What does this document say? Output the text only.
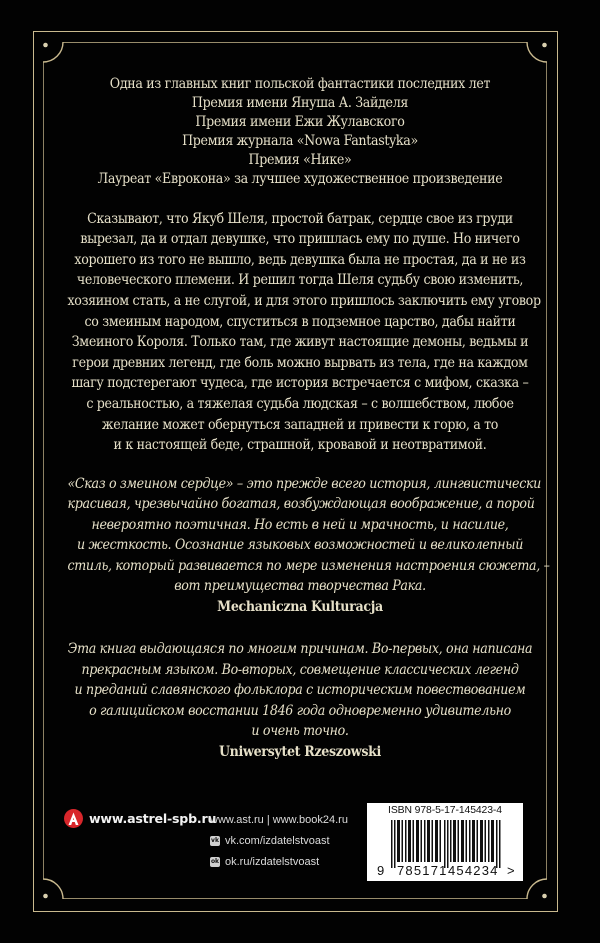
Одна из главных книг польской фантастики последних лет
Премия имени Януша А. Зайделя
Премия имени Ежи Жулавского
Премия журнала «Nowa Fantastyka»
Премия «Нике»
Лауреат «Еврокона» за лучшее художественное произведение
Сказывают, что Якуб Шеля, простой батрак, сердце свое из груди
вырезал, да и отдал девушке, что пришлась ему по душе. Но ничего
хорошего из того не вышло, ведь девушка была не простая, да и не из
человеческого племени. И решил тогда Шеля судьбу свою изменить,
хозяином стать, а не слугой, и для этого пришлось заключить ему уговор
со змеиным народом, спуститься в подземное царство, дабы найти
Змеиного Короля. Только там, где живут настоящие демоны, ведьмы и
герои древних легенд, где боль можно вырвать из тела, где на каждом
шагу подстерегают чудеса, где история встречается с мифом, сказка –
с реальностью, а тяжелая судьба людская – с волшебством, любое
желание может обернуться западней и привести к горю, а то
и к настоящей беде, страшной, кровавой и неотвратимой.
«Сказ о змеином сердце» – это прежде всего история, лингвистически
красивая, чрезвычайно богатая, возбуждающая воображение, а порой
невероятно поэтичная. Но есть в ней и мрачность, и насилие,
и жесткость. Осознание языковых возможностей и великолепный
стиль, который развивается по мере изменения настроения сюжета, –
вот преимущества творчества Рака.
Mechaniczna Kulturacja
Эта книга выдающаяся по многим причинам. Во-первых, она написана
прекрасным языком. Во-вторых, совмещение классических легенд
и преданий славянского фольклора с историческим повествованием
о галицийском восстании 1846 года одновременно удивительно
и очень точно.
Uniwersytet Rzeszowski
www.astrel-spb.ru
www.ast.ru | www.book24.ru
vk vk.com/izdatelstvoast
ok ok.ru/izdatelstvoast
ISBN 978-5-17-145423-4
9 785171 454234 >
